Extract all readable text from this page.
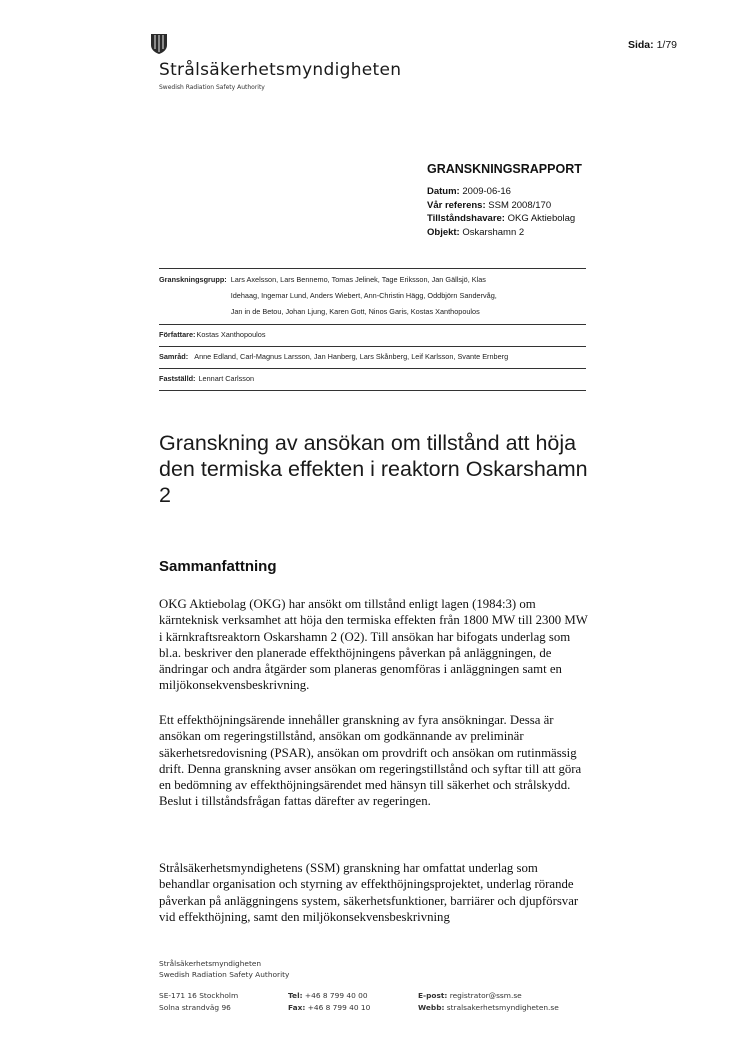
Strålsäkerhetsmyndigheten
Swedish Radiation Safety Authority
Sida: 1/79
GRANSKNINGSRAPPORT
Datum: 2009-06-16
Vår referens: SSM 2008/170
Tillståndshavare: OKG Aktiebolag
Objekt: Oskarshamn 2
Granskningsgrupp: Lars Axelsson, Lars Bennemo, Tomas Jelinek, Tage Eriksson, Jan Gällsjö, Klas
Idehaag, Ingemar Lund, Anders Wiebert, Ann-Christin Hägg, Oddbjörn Sandervåg,
Jan in de Betou, Johan Ljung, Karen Gott, Ninos Garis, Kostas Xanthopoulos
Författare: Kostas Xanthopoulos
Samråd: Anne Edland, Carl-Magnus Larsson, Jan Hanberg, Lars Skånberg, Leif Karlsson, Svante Ernberg
Fastställd: Lennart Carlsson
Granskning av ansökan om tillstånd att höja den termiska effekten i reaktorn Oskarshamn 2
Sammanfattning
OKG Aktiebolag (OKG) har ansökt om tillstånd enligt lagen (1984:3) om kärnteknisk verksamhet att höja den termiska effekten från 1800 MW till 2300 MW i kärnkraftsreaktorn Oskarshamn 2 (O2). Till ansökan har bifogats underlag som bl.a. beskriver den planerade effekthöjningens påverkan på anläggningen, de ändringar och andra åtgärder som planeras genomföras i anläggningen samt en miljökonsekvensbeskrivning.
Ett effekthöjningsärende innehåller granskning av fyra ansökningar. Dessa är ansökan om regeringstillstånd, ansökan om godkännande av preliminär säkerhetsredovisning (PSAR), ansökan om provdrift och ansökan om rutinmässig drift. Denna granskning avser ansökan om regeringstillstånd och syftar till att göra en bedömning av effekthöjningsärendet med hänsyn till säkerhet och strålskydd. Beslut i tillståndsfrågan fattas därefter av regeringen.
Strålsäkerhetsmyndighetens (SSM) granskning har omfattat underlag som behandlar organisation och styrning av effekthöjningsprojektet, underlag rörande påverkan på anläggningens system, säkerhetsfunktioner, barriärer och djupförsvar vid effekthöjning, samt den miljökonsekvensbeskrivning
Strålsäkerhetsmyndigheten
Swedish Radiation Safety Authority
SE-171 16 Stockholm
Solna strandväg 96
Tel: +46 8 799 40 00
Fax: +46 8 799 40 10
E-post: registrator@ssm.se
Webb: stralsakerhetsmyndigheten.se
